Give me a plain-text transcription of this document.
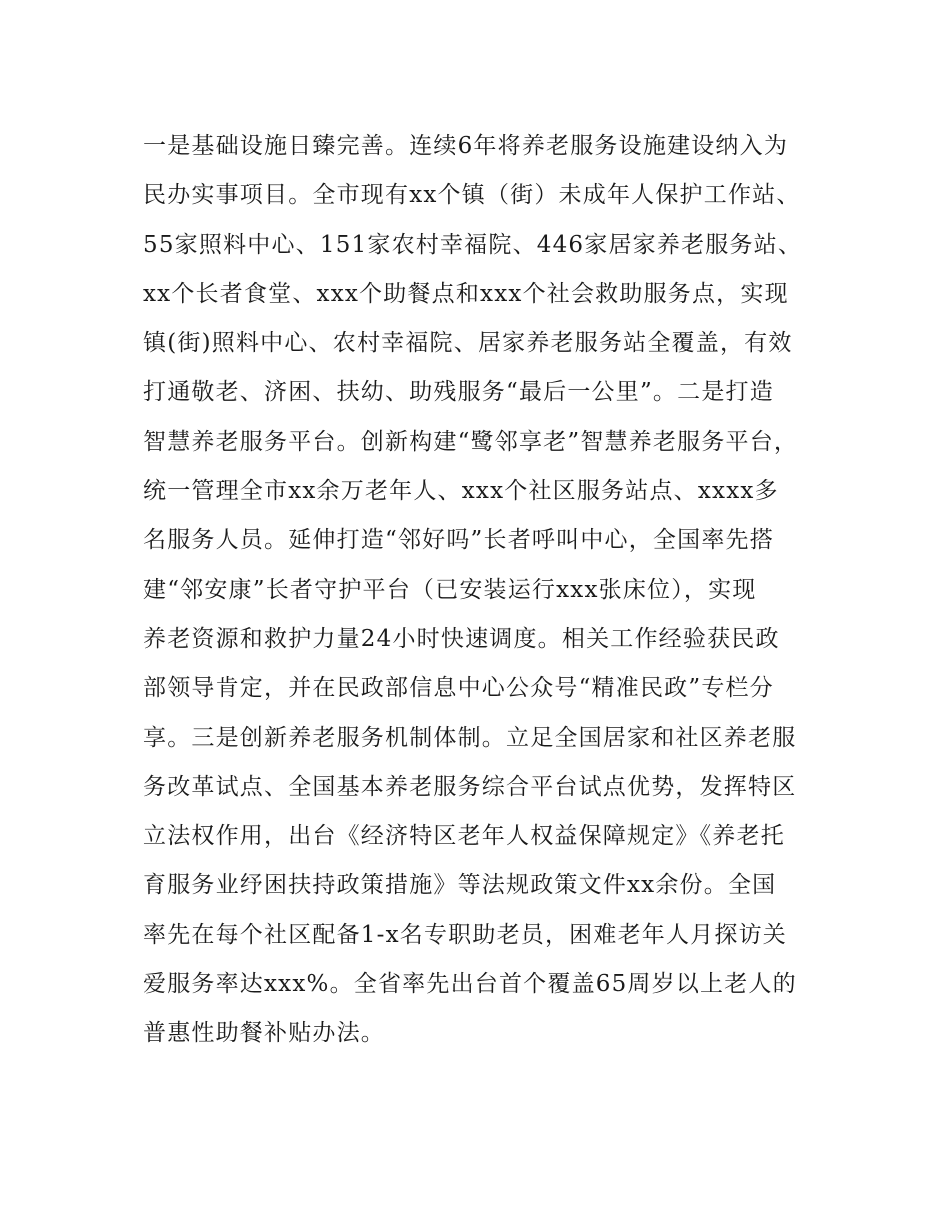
一是基础设施日臻完善。连续6年将养老服务设施建设纳入为
民办实事项目。全市现有xx个镇（街）未成年人保护工作站、
55家照料中心、151家农村幸福院、446家居家养老服务站、
xx个长者食堂、xxx个助餐点和xxx个社会救助服务点，实现
镇(街)照料中心、农村幸福院、居家养老服务站全覆盖，有效
打通敬老、济困、扶幼、助残服务“最后一公里”。二是打造
智慧养老服务平台。创新构建“鹭邻享老”智慧养老服务平台，
统一管理全市xx余万老年人、xxx个社区服务站点、xxxx多
名服务人员。延伸打造“邻好吗”长者呼叫中心，全国率先搭
建“邻安康”长者守护平台（已安装运行xxx张床位），实现
养老资源和救护力量24小时快速调度。相关工作经验获民政
部领导肯定，并在民政部信息中心公众号“精准民政”专栏分
享。三是创新养老服务机制体制。立足全国居家和社区养老服
务改革试点、全国基本养老服务综合平台试点优势，发挥特区
立法权作用，出台《经济特区老年人权益保障规定》《养老托
育服务业纾困扶持政策措施》等法规政策文件xx余份。全国
率先在每个社区配备1-x名专职助老员，困难老年人月探访关
爱服务率达xxx%。全省率先出台首个覆盖65周岁以上老人的
普惠性助餐补贴办法。
